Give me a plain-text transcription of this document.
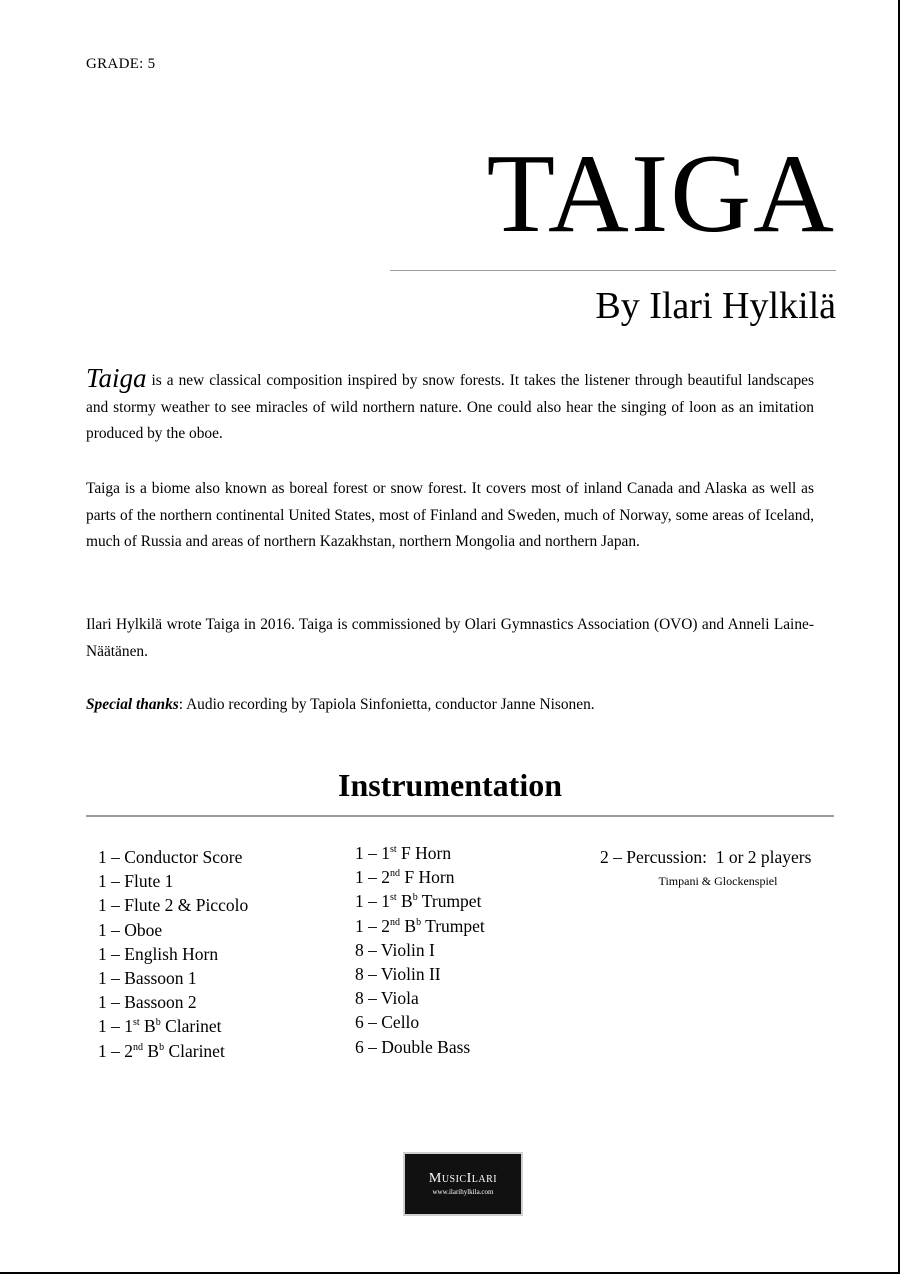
GRADE: 5
TAIGA
By Ilari Hylkilä

Taiga is a new classical composition inspired by snow forests. It takes the listener through beautiful landscapes and stormy weather to see miracles of wild northern nature. One could also hear the singing of loon as an imitation produced by the oboe.

Taiga is a biome also known as boreal forest or snow forest. It covers most of inland Canada and Alaska as well as parts of the northern continental United States, most of Finland and Sweden, much of Norway, some areas of Iceland, much of Russia and areas of northern Kazakhstan, northern Mongolia and northern Japan.

Ilari Hylkilä wrote Taiga in 2016. Taiga is commissioned by Olari Gymnastics Association (OVO) and Anneli Laine-Näätänen.

Special thanks: Audio recording by Tapiola Sinfonietta, conductor Janne Nisonen.

Instrumentation
1 – Conductor Score
1 – Flute 1
1 – Flute 2 & Piccolo
1 – Oboe
1 – English Horn
1 – Bassoon 1
1 – Bassoon 2
1 – 1st $B^b$ Clarinet
1 – 2nd $B^b$ Clarinet
1 – 1st F Horn
1 – 2nd F Horn
1 – 1st $B^b$ Trumpet
1 – 2nd $B^b$ Trumpet
8 – Violin I
8 – Violin II
8 – Viola
6 – Cello
6 – Double Bass
2 – Percussion:  1 or 2 players
Timpani & Glockenspiel
MusicIlari
www.ilarihylkila.com
